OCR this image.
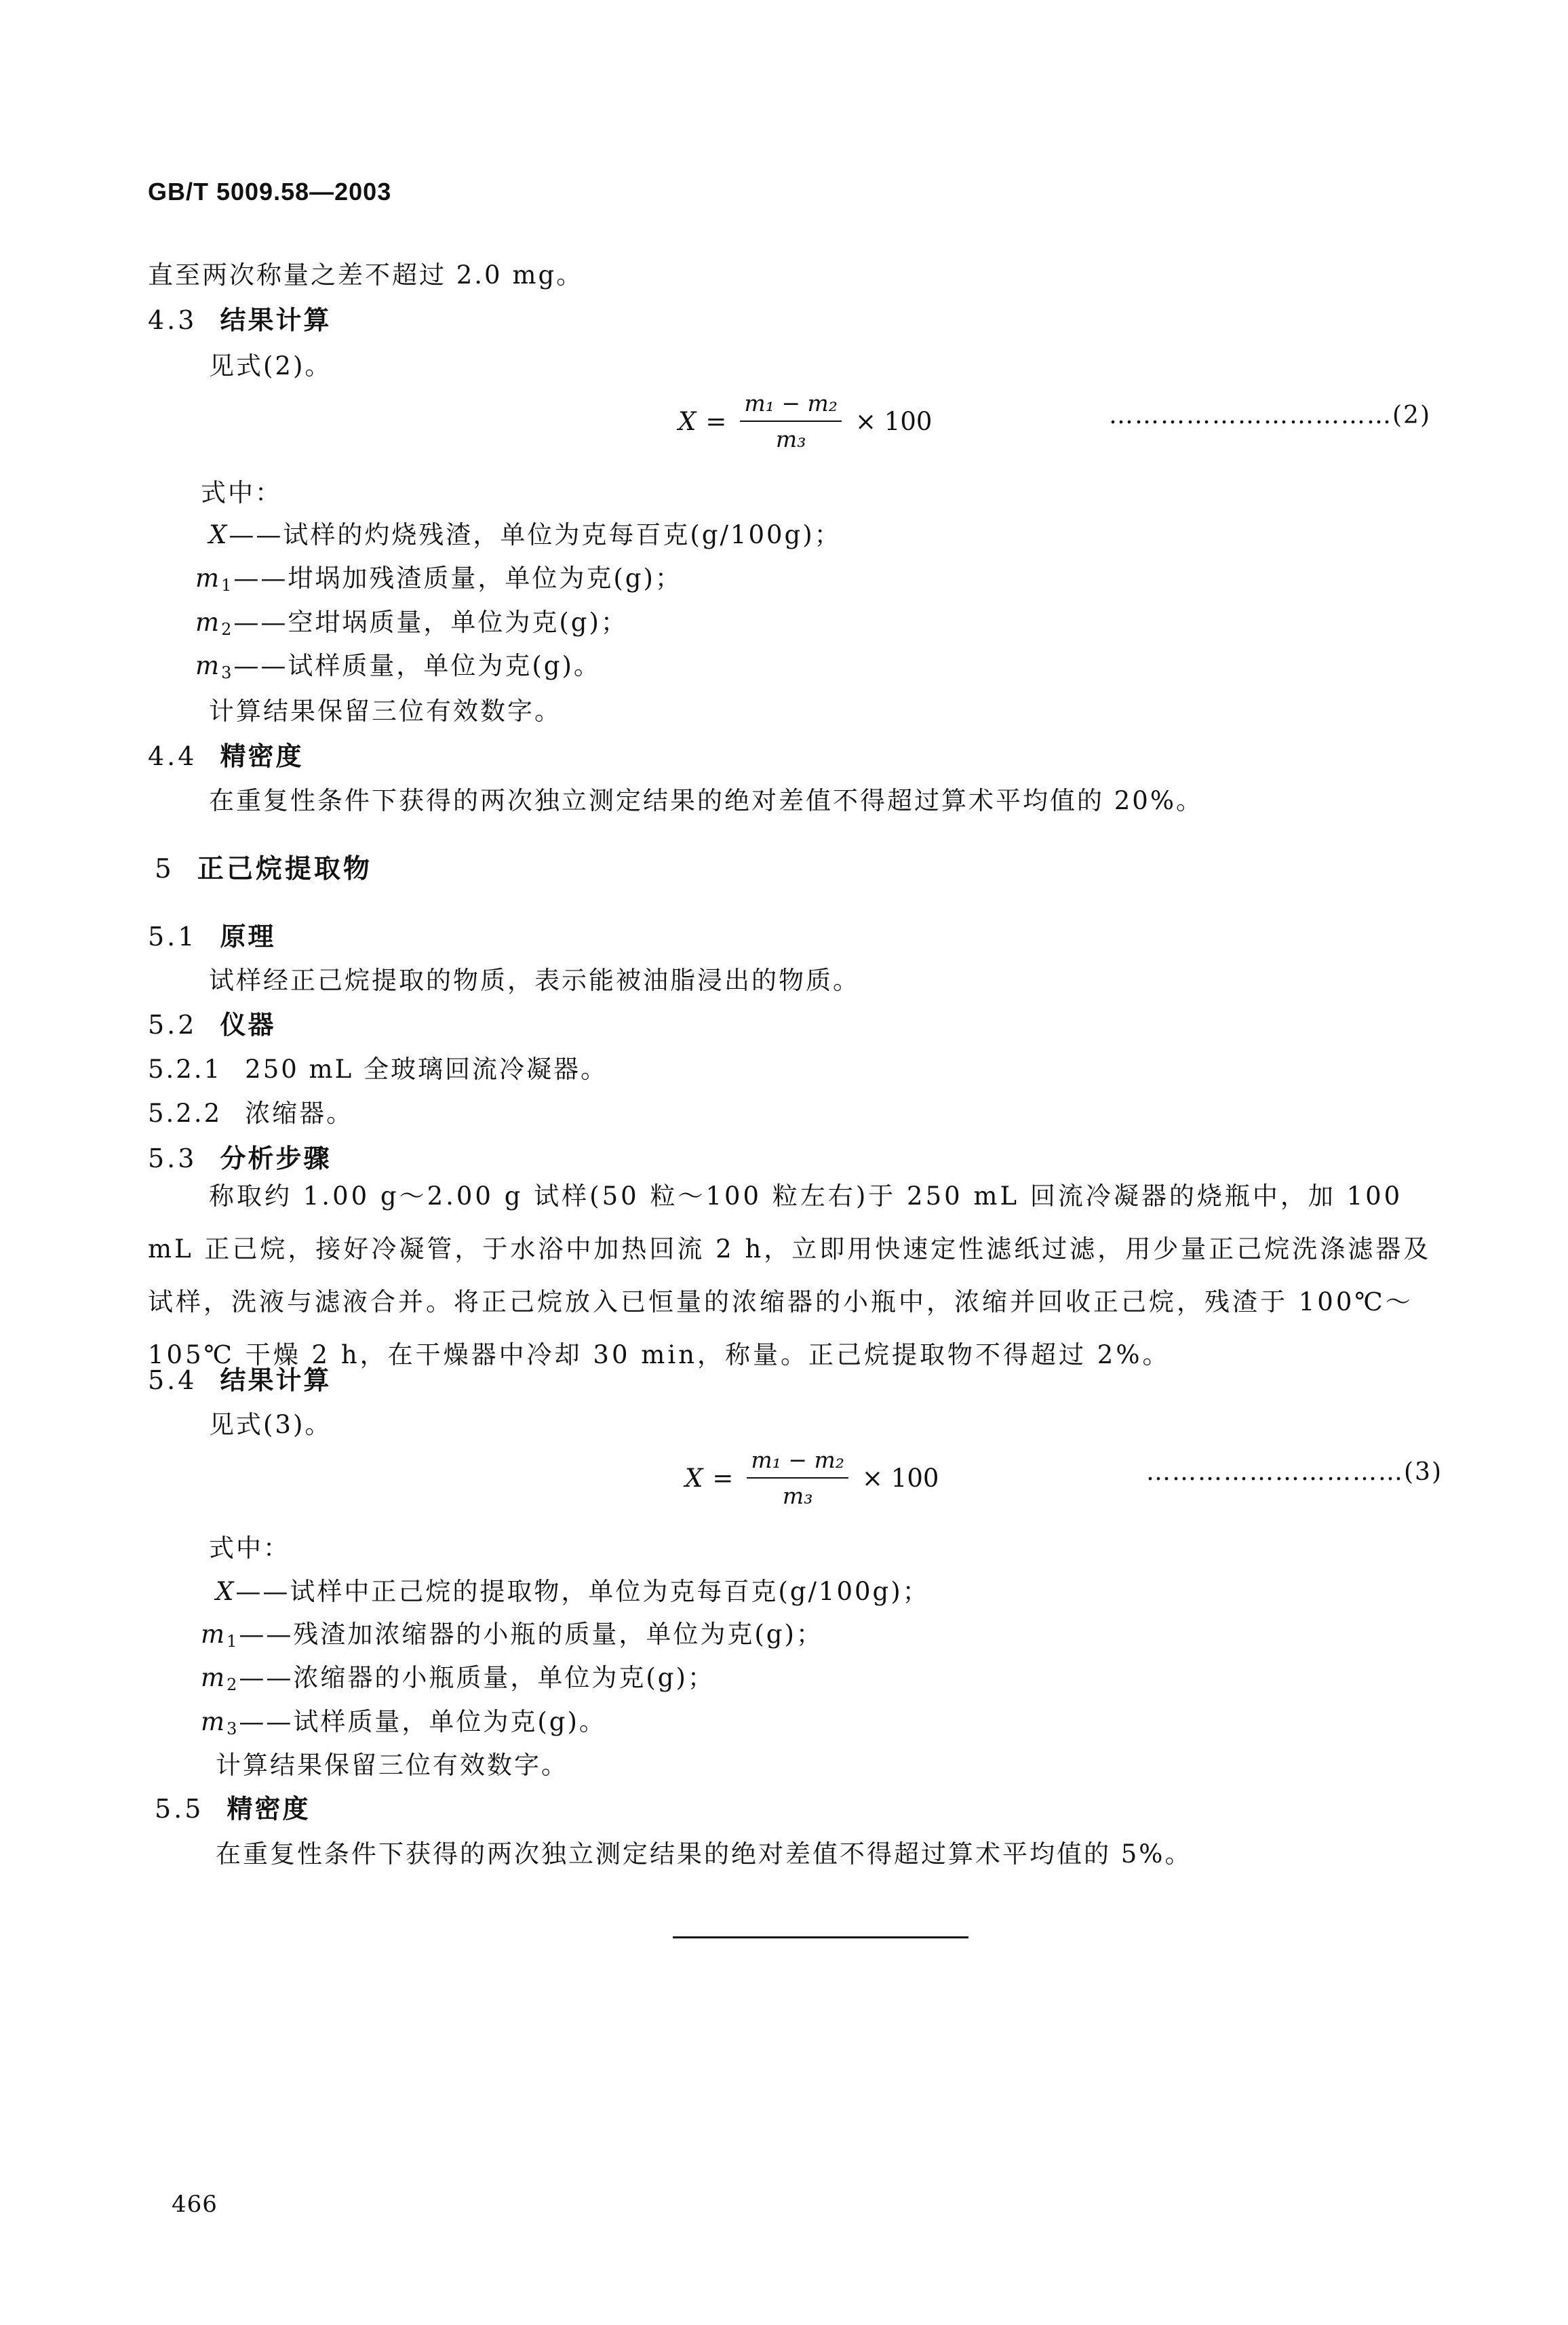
GB/T 5009.58—2003
直至两次称量之差不超过 2.0 mg。
4.3 结果计算
见式(2)。
$X = \frac{\text{m₁ − m₂}}{\text{m₃}} \times 100$	……………………………(2)
式中：
X——试样的灼烧残渣，单位为克每百克(g/100g)；
$m_1——$坩埚加残渣质量，单位为克(g)；
$m_2——$空坩埚质量，单位为克(g)；
$m_3——$试样质量，单位为克(g)。
计算结果保留三位有效数字。
4.4 精密度
在重复性条件下获得的两次独立测定结果的绝对差值不得超过算术平均值的 20%。
5 正己烷提取物
5.1 原理
试样经正己烷提取的物质，表示能被油脂浸出的物质。
5.2 仪器
5.2.1 250 mL 全玻璃回流冷凝器。
5.2.2 浓缩器。
5.3 分析步骤
称取约 1.00 g～2.00 g 试样(50 粒～100 粒左右)于 250 mL 回流冷凝器的烧瓶中，加 100 mL 正己烷，接好冷凝管，于水浴中加热回流 2 h，立即用快速定性滤纸过滤，用少量正己烷洗涤滤器及试样，洗液与滤液合并。将正己烷放入已恒量的浓缩器的小瓶中，浓缩并回收正己烷，残渣于 100℃～105℃ 干燥 2 h，在干燥器中冷却 30 min，称量。正己烷提取物不得超过 2%。
5.4 结果计算
见式(3)。
$X = \frac{\text{m₁ − m₂}}{\text{m₃}} \times 100$	…………………………(3)
式中：
X——试样中正己烷的提取物，单位为克每百克(g/100g)；
$m_1——$残渣加浓缩器的小瓶的质量，单位为克(g)；
$m_2——$浓缩器的小瓶质量，单位为克(g)；
$m_3——$试样质量，单位为克(g)。
计算结果保留三位有效数字。
5.5 精密度
在重复性条件下获得的两次独立测定结果的绝对差值不得超过算术平均值的 5%。
466
